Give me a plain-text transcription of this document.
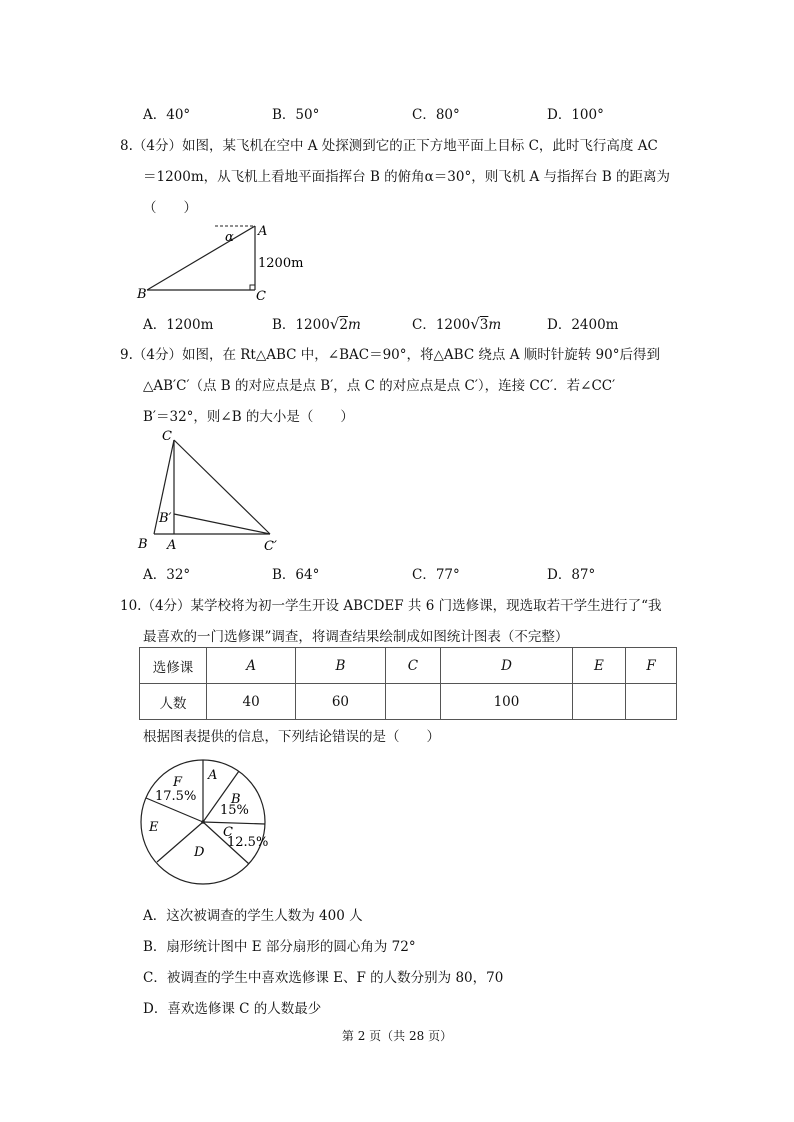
A．40°	B．50°	C．80°	D．100°
8.（4分）如图，某飞机在空中 A 处探测到它的正下方地平面上目标 C，此时飞行高度 AC
＝1200m，从飞机上看地平面指挥台 B 的俯角α＝30°，则飞机 A 与指挥台 B 的距离为
（　　）
A
α
1200m
B	C
A．1200m	B．1200√2m	C．1200√3m	D．2400m
9.（4分）如图，在 Rt△ABC 中，∠BAC＝90°，将△ABC 绕点 A 顺时针旋转 90°后得到
△AB′C′（点 B 的对应点是点 B′，点 C 的对应点是点 C′），连接 CC′．若∠CC′
B′＝32°，则∠B 的大小是（　　）
C
B′
B A	C′
A．32°	B．64°	C．77°	D．87°
10.（4分）某学校将为初一学生开设 ABCDEF 共 6 门选修课，现选取若干学生进行了“我
最喜欢的一门选修课”调查，将调查结果绘制成如图统计图表（不完整）
选修课	A	B	C	D	E	F
人数	40	60		100		
根据图表提供的信息，下列结论错误的是（　　）
A
B
15%
C
12.5%
D
E
F
17.5%
A．这次被调查的学生人数为 400 人
B．扇形统计图中 E 部分扇形的圆心角为 72°
C．被调查的学生中喜欢选修课 E、F 的人数分别为 80，70
D．喜欢选修课 C 的人数最少
第 2 页（共 28 页）
